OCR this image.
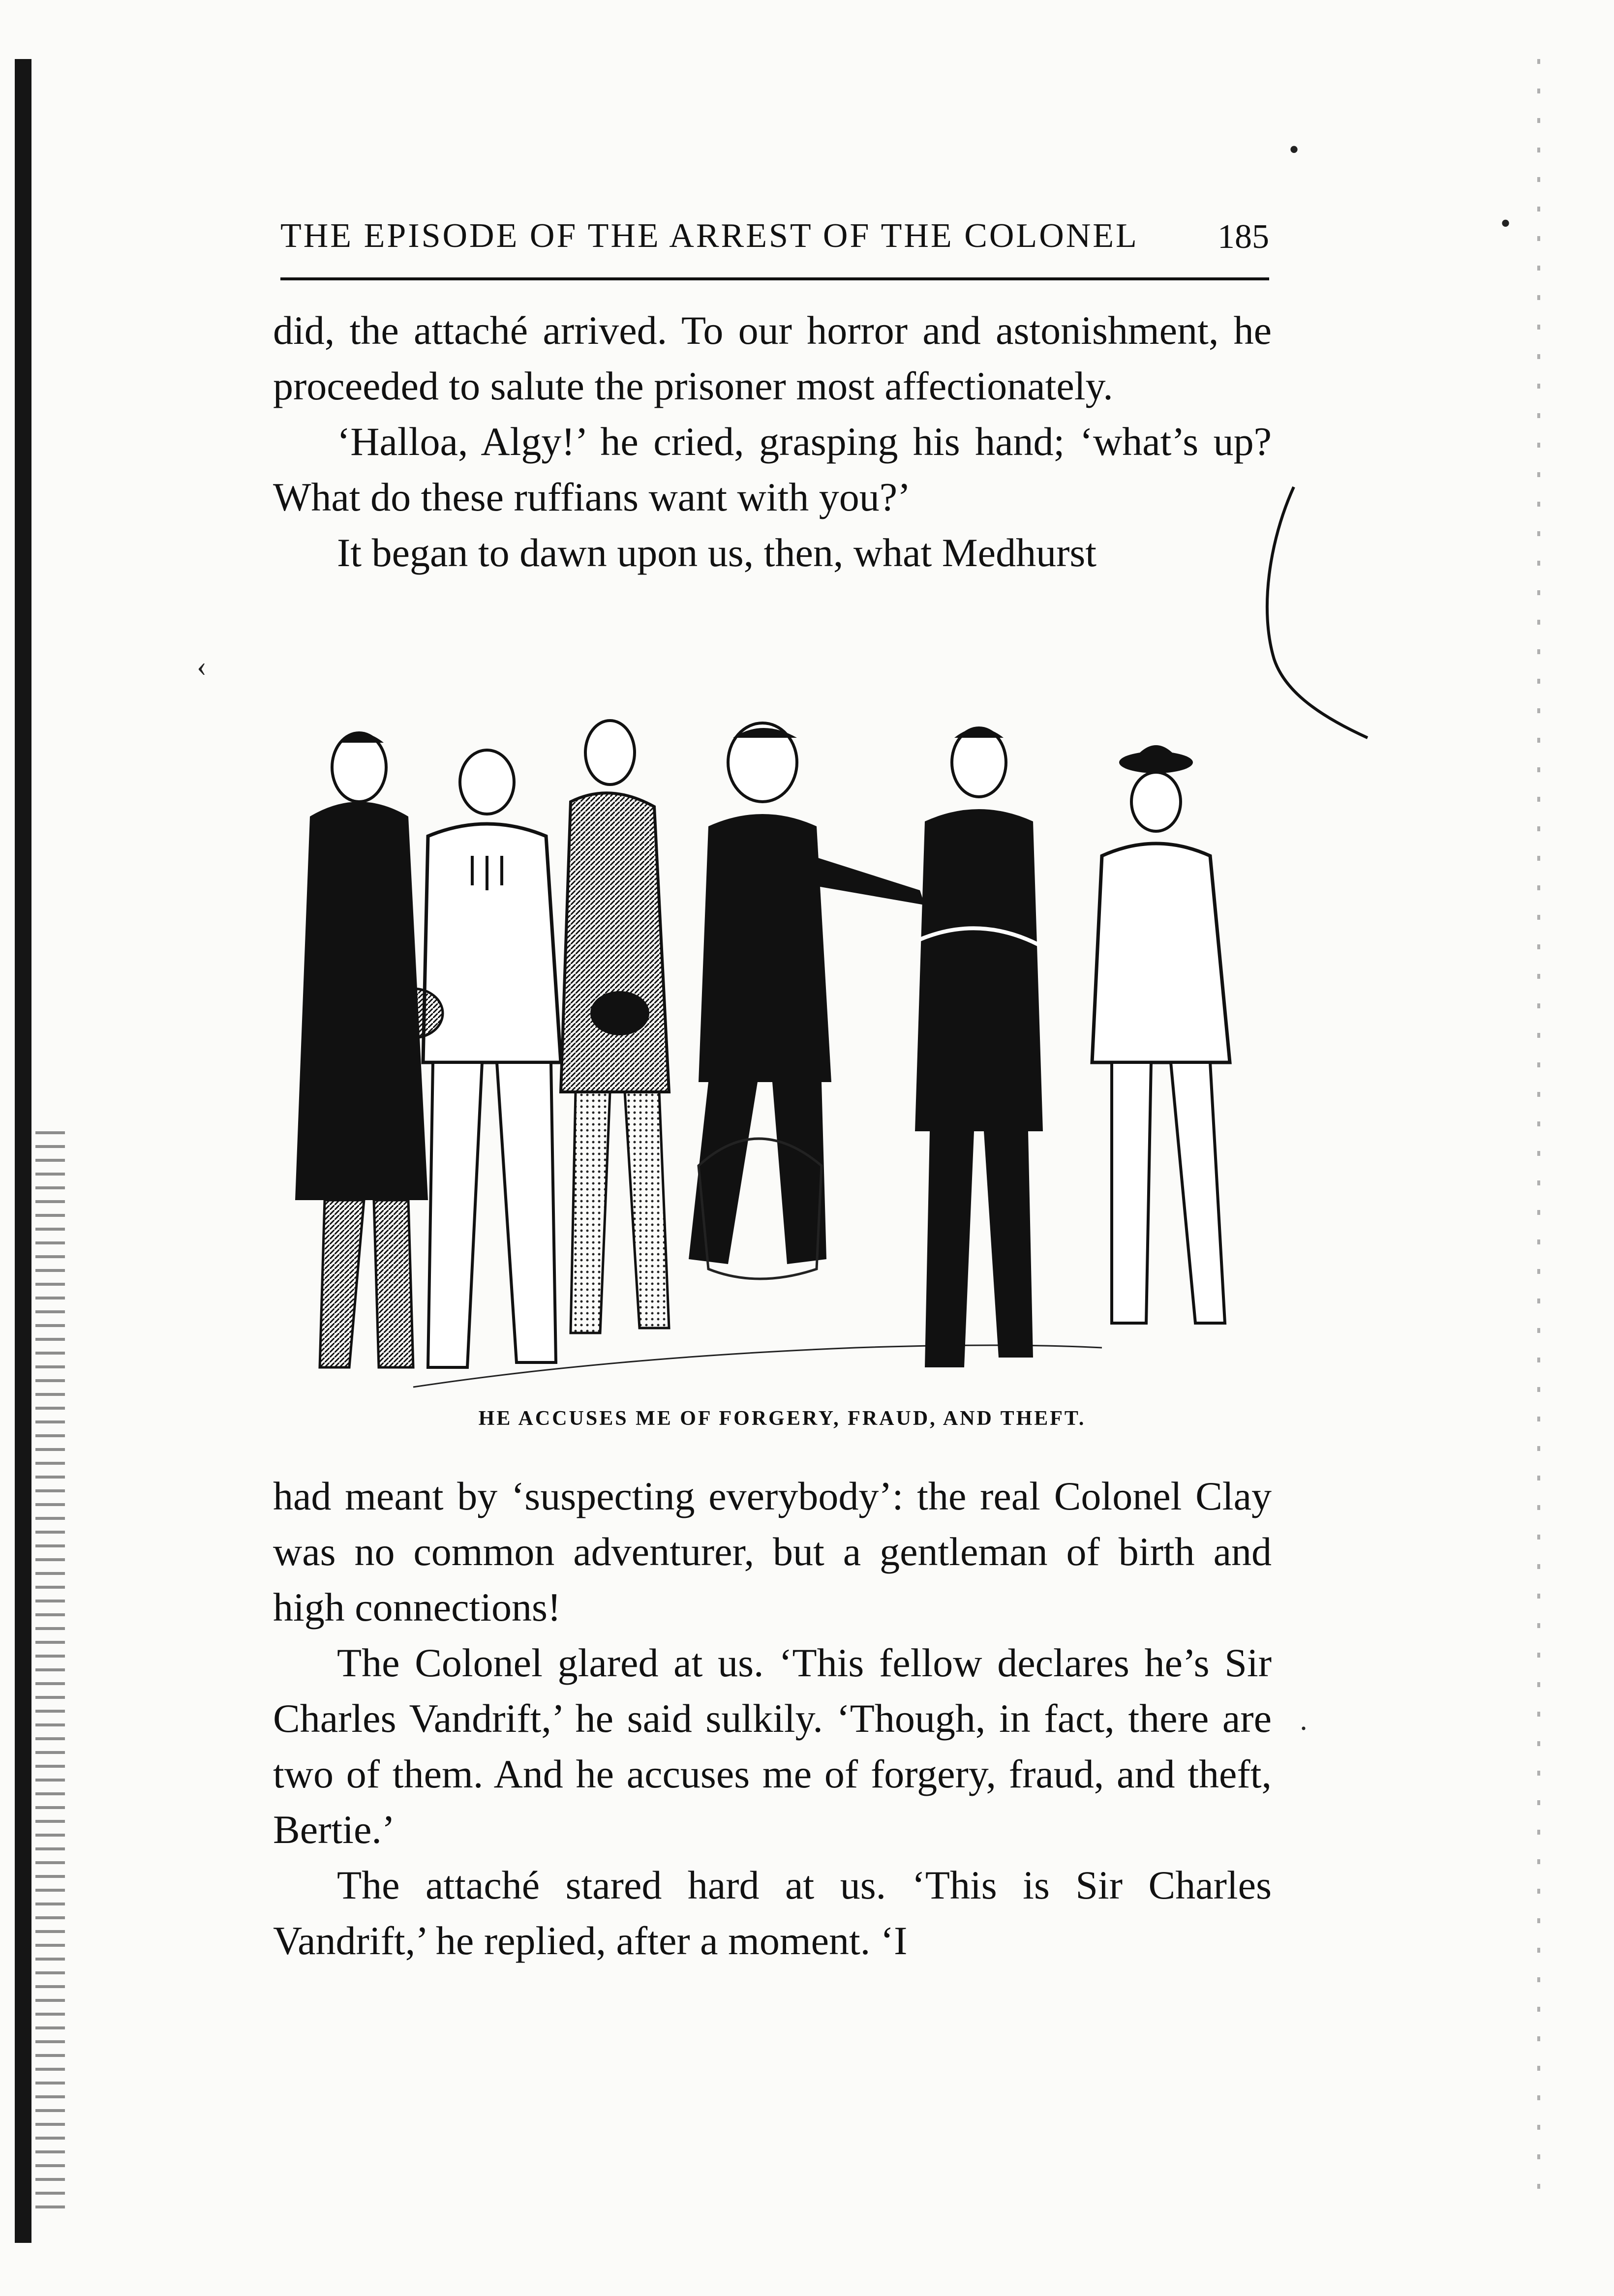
THE EPISODE OF THE ARREST OF THE COLONEL 185

did, the attaché arrived. To our horror and astonishment, he proceeded to salute the prisoner most affectionately.

‘Halloa, Algy!’ he cried, grasping his hand; ‘what’s up? What do these ruffians want with you?’

It began to dawn upon us, then, what Medhurst

HE ACCUSES ME OF FORGERY, FRAUD, AND THEFT.

had meant by ‘suspecting everybody’: the real Colonel Clay was no common adventurer, but a gentleman of birth and high connections!

The Colonel glared at us. ‘This fellow declares he’s Sir Charles Vandrift,’ he said sulkily. ‘Though, in fact, there are two of them. And he accuses me of forgery, fraud, and theft, Bertie.’

The attaché stared hard at us. ‘This is Sir Charles Vandrift,’ he replied, after a moment. ‘I

•
•
‹
·
